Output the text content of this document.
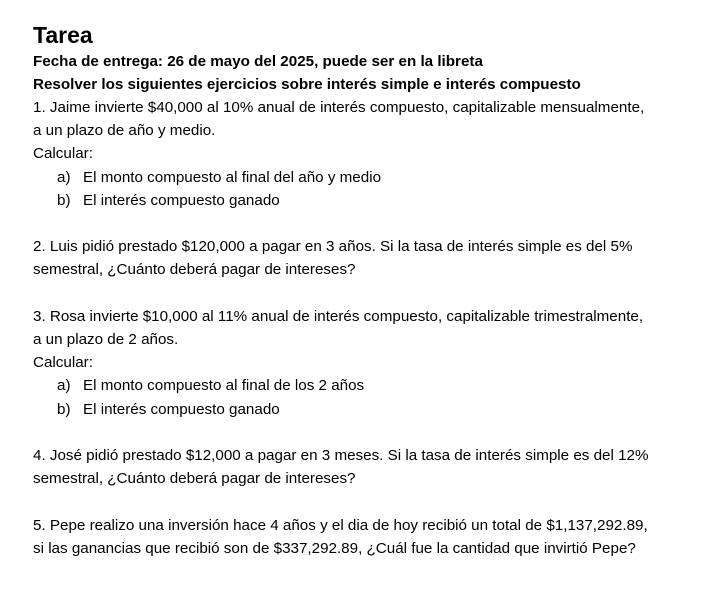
Tarea

Fecha de entrega: 26 de mayo del 2025, puede ser en la libreta

Resolver los siguientes ejercicios sobre interés simple e interés compuesto

1. Jaime invierte $40,000 al 10% anual de interés compuesto, capitalizable mensualmente,

a un plazo de año y medio.

Calcular:

a) El monto compuesto al final del año y medio
b) El interés compuesto ganado

2. Luis pidió prestado $120,000 a pagar en 3 años. Si la tasa de interés simple es del 5%

semestral, ¿Cuánto deberá pagar de intereses?

3. Rosa invierte $10,000 al 11% anual de interés compuesto, capitalizable trimestralmente,

a un plazo de 2 años.

Calcular:

a) El monto compuesto al final de los 2 años
b) El interés compuesto ganado

4. José pidió prestado $12,000 a pagar en 3 meses. Si la tasa de interés simple es del 12%

semestral, ¿Cuánto deberá pagar de intereses?

5. Pepe realizo una inversión hace 4 años y el dia de hoy recibió un total de $1,137,292.89,

si las ganancias que recibió son de $337,292.89, ¿Cuál fue la cantidad que invirtió Pepe?
